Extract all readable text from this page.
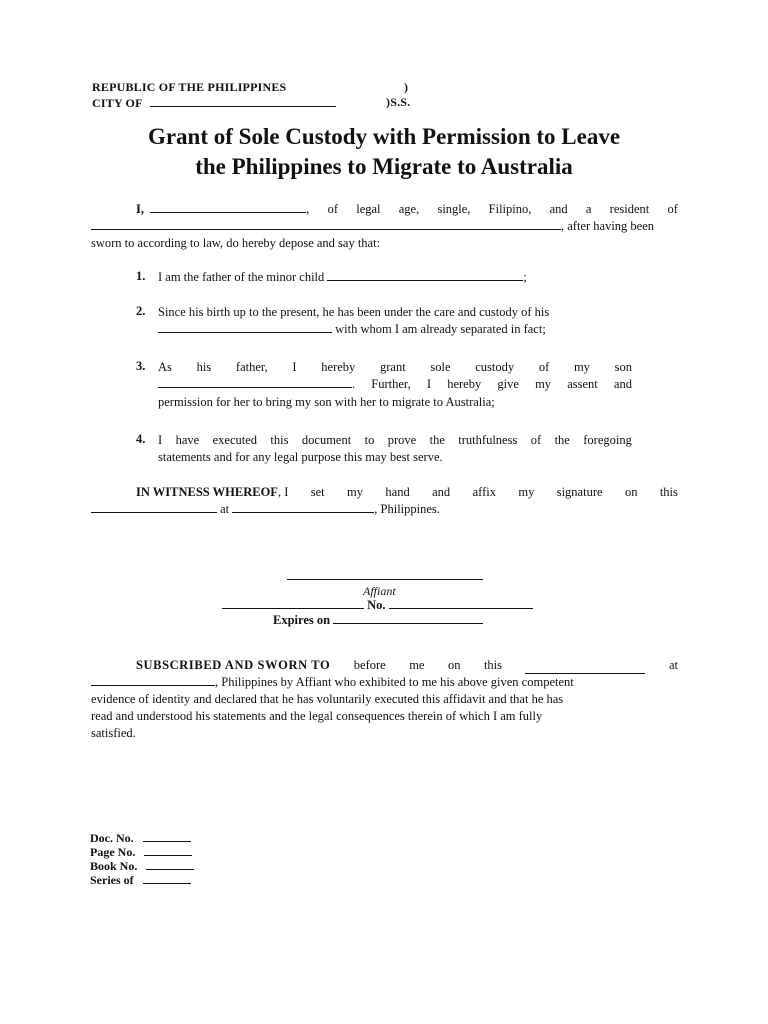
REPUBLIC OF THE PHILIPPINES	)
CITY OF	)S.S.
Grant of Sole Custody with Permission to Leave
the Philippines to Migrate to Australia
I,	, of legal age, single, Filipino, and a resident of
, after having been
sworn to according to law, do hereby depose and say that:
1. I am the father of the minor child	;
2. Since his birth up to the present, he has been under the care and custody of his
with whom I am already separated in fact;
3. As his father, I hereby grant sole custody of my son
. Further, I hereby give my assent and
permission for her to bring my son with her to migrate to Australia;
4. I have executed this document to prove the truthfulness of the foregoing
statements and for any legal purpose this may best serve.
IN WITNESS WHEREOF, I set my hand and affix my signature on this
at	, Philippines.
Affiant
No.
Expires on
SUBSCRIBED AND SWORN TO before me on this	at
, Philippines by Affiant who exhibited to me his above given competent
evidence of identity and declared that he has voluntarily executed this affidavit and that he has
read and understood his statements and the legal consequences therein of which I am fully
satisfied.
Doc. No.
Page No.
Book No.
Series of
